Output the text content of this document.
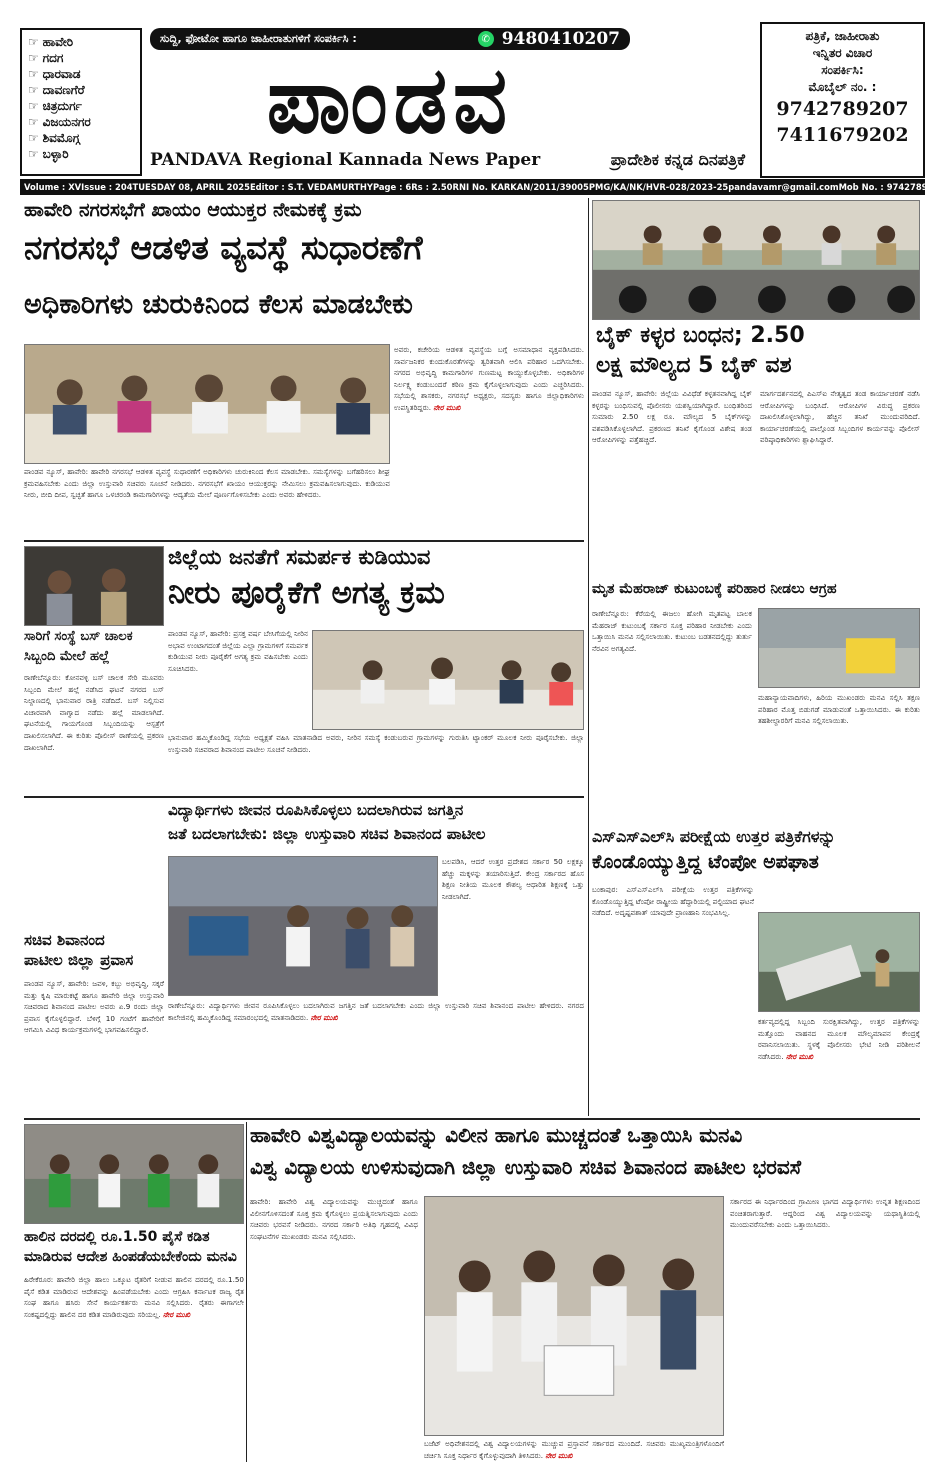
☞ ಹಾವೇರಿ
☞ ಗದಗ
☞ ಧಾರವಾಡ
☞ ದಾವಣಗೆರೆ
☞ ಚಿತ್ರದುರ್ಗ
☞ ವಿಜಯನಗರ
☞ ಶಿವಮೊಗ್ಗ
☞ ಬಳ್ಳಾರಿ
ಸುದ್ದಿ, ಫೋಟೋ ಹಾಗೂ ಜಾಹೀರಾತುಗಳಿಗೆ ಸಂಪರ್ಕಿಸಿ :	✆ 9480410207
ಪಾಂಡವ
PANDAVA Regional Kannada News Paper	ಪ್ರಾದೇಶಿಕ ಕನ್ನಡ ದಿನಪತ್ರಿಕೆ
ಪತ್ರಿಕೆ, ಜಾಹೀರಾತು
ಇನ್ನಿತರ ವಿಚಾರ
ಸಂಪರ್ಕಿಸಿ:
ಮೊಬೈಲ್ ನಂ. :
9742789207
7411679202
Volume : XV Issue : 204 TUESDAY 08, APRIL 2025 Editor : S.T. VEDAMURTHY Page : 6 Rs : 2.50 RNI No. KARKAN/2011/39005 PMG/KA/NK/HVR-028/2023-25 pandavamr@gmail.com Mob No. : 9742789207
ಹಾವೇರಿ ನಗರಸಭೆಗೆ ಖಾಯಂ ಆಯುಕ್ತರ ನೇಮಕಕ್ಕೆ ಕ್ರಮ
ನಗರಸಭೆ ಆಡಳಿತ ವ್ಯವಸ್ಥೆ ಸುಧಾರಣೆಗೆ
ಅಧಿಕಾರಿಗಳು ಚುರುಕಿನಿಂದ ಕೆಲಸ ಮಾಡಬೇಕು
ಪಾಂಡವ ನ್ಯೂಸ್, ಹಾವೇರಿ: ಹಾವೇರಿ ನಗರಸಭೆ ಆಡಳಿತ ವ್ಯವಸ್ಥೆ ಸುಧಾರಣೆಗೆ ಅಧಿಕಾರಿಗಳು ಚುರುಕಿನಿಂದ ಕೆಲಸ ಮಾಡಬೇಕು. ಸಮಸ್ಯೆಗಳನ್ನು ಬಗೆಹರಿಸಲು ಶೀಘ್ರ ಕ್ರಮವಹಿಸಬೇಕು ಎಂದು ಜಿಲ್ಲಾ ಉಸ್ತುವಾರಿ ಸಚಿವರು ಸೂಚನೆ ನೀಡಿದರು. ನಗರಸಭೆಗೆ ಖಾಯಂ ಆಯುಕ್ತರನ್ನು ನೇಮಿಸಲು ಕ್ರಮವಹಿಸಲಾಗುವುದು. ಕುಡಿಯುವ ನೀರು, ಬೀದಿ ದೀಪ, ಸ್ವಚ್ಛತೆ ಹಾಗೂ ಒಳಚರಂಡಿ ಕಾಮಗಾರಿಗಳನ್ನು ಆದ್ಯತೆಯ ಮೇಲೆ ಪೂರ್ಣಗೊಳಿಸಬೇಕು ಎಂದು ಅವರು ಹೇಳಿದರು.
ಅವರು, ಕಚೇರಿಯ ಆಡಳಿತ ವ್ಯವಸ್ಥೆಯ ಬಗ್ಗೆ ಅಸಮಾಧಾನ ವ್ಯಕ್ತಪಡಿಸಿದರು. ಸಾರ್ವಜನಿಕರ ಕುಂದುಕೊರತೆಗಳನ್ನು ತ್ವರಿತವಾಗಿ ಆಲಿಸಿ ಪರಿಹಾರ ಒದಗಿಸಬೇಕು. ನಗರದ ಅಭಿವೃದ್ಧಿ ಕಾಮಗಾರಿಗಳ ಗುಣಮಟ್ಟ ಕಾಯ್ದುಕೊಳ್ಳಬೇಕು. ಅಧಿಕಾರಿಗಳ ನಿರ್ಲಕ್ಷ್ಯ ಕಂಡುಬಂದರೆ ಕಠಿಣ ಕ್ರಮ ಕೈಗೊಳ್ಳಲಾಗುವುದು ಎಂದು ಎಚ್ಚರಿಸಿದರು. ಸಭೆಯಲ್ಲಿ ಶಾಸಕರು, ನಗರಸಭೆ ಅಧ್ಯಕ್ಷರು, ಸದಸ್ಯರು ಹಾಗೂ ಜಿಲ್ಲಾಧಿಕಾರಿಗಳು ಉಪಸ್ಥಿತರಿದ್ದರು. ನೇರ ಮುಖಿ
ಬೈಕ್ ಕಳ್ಳರ ಬಂಧನ; 2.50
ಲಕ್ಷ ಮೌಲ್ಯದ 5 ಬೈಕ್ ವಶ
ಪಾಂಡವ ನ್ಯೂಸ್, ಹಾವೇರಿ: ಜಿಲ್ಲೆಯ ವಿವಿಧೆಡೆ ಕಳ್ಳತನವಾಗಿದ್ದ ಬೈಕ್ ಕಳ್ಳರನ್ನು ಬಂಧಿಸುವಲ್ಲಿ ಪೊಲೀಸರು ಯಶಸ್ವಿಯಾಗಿದ್ದಾರೆ. ಬಂಧಿತರಿಂದ ಸುಮಾರು 2.50 ಲಕ್ಷ ರೂ. ಮೌಲ್ಯದ 5 ಬೈಕ್‌ಗಳನ್ನು ವಶಪಡಿಸಿಕೊಳ್ಳಲಾಗಿದೆ. ಪ್ರಕರಣದ ತನಿಖೆ ಕೈಗೊಂಡ ವಿಶೇಷ ತಂಡ ಆರೋಪಿಗಳನ್ನು ಪತ್ತೆಹಚ್ಚಿದೆ.
ಮಾರ್ಗದರ್ಶನದಲ್ಲಿ ಪಿಎಸ್ಐ ನೇತೃತ್ವದ ತಂಡ ಕಾರ್ಯಾಚರಣೆ ನಡೆಸಿ ಆರೋಪಿಗಳನ್ನು ಬಂಧಿಸಿದೆ. ಆರೋಪಿಗಳ ವಿರುದ್ಧ ಪ್ರಕರಣ ದಾಖಲಿಸಿಕೊಳ್ಳಲಾಗಿದ್ದು, ಹೆಚ್ಚಿನ ತನಿಖೆ ಮುಂದುವರಿದಿದೆ. ಕಾರ್ಯಾಚರಣೆಯಲ್ಲಿ ಪಾಲ್ಗೊಂಡ ಸಿಬ್ಬಂದಿಗಳ ಕಾರ್ಯವನ್ನು ಪೊಲೀಸ್ ವರಿಷ್ಠಾಧಿಕಾರಿಗಳು ಶ್ಲಾಘಿಸಿದ್ದಾರೆ.
ಜಿಲ್ಲೆಯ ಜನತೆಗೆ ಸಮರ್ಪಕ ಕುಡಿಯುವ
ನೀರು ಪೂರೈಕೆಗೆ ಅಗತ್ಯ ಕ್ರಮ
ಪಾಂಡವ ನ್ಯೂಸ್, ಹಾವೇರಿ: ಪ್ರಸಕ್ತ ವರ್ಷ ಬೇಸಿಗೆಯಲ್ಲಿ ನೀರಿನ ಅಭಾವ ಉಂಟಾಗದಂತೆ ಜಿಲ್ಲೆಯ ಎಲ್ಲಾ ಗ್ರಾಮಗಳಿಗೆ ಸಮರ್ಪಕ ಕುಡಿಯುವ ನೀರು ಪೂರೈಕೆಗೆ ಅಗತ್ಯ ಕ್ರಮ ವಹಿಸಬೇಕು ಎಂದು ಸೂಚಿಸಿದರು.
ಭಾನುವಾರ ಹಮ್ಮಿಕೊಂಡಿದ್ದ ಸಭೆಯ ಅಧ್ಯಕ್ಷತೆ ವಹಿಸಿ ಮಾತನಾಡಿದ ಅವರು, ನೀರಿನ ಸಮಸ್ಯೆ ಕಂಡುಬರುವ ಗ್ರಾಮಗಳನ್ನು ಗುರುತಿಸಿ ಟ್ಯಾಂಕರ್ ಮೂಲಕ ನೀರು ಪೂರೈಸಬೇಕು. ಜಿಲ್ಲಾ ಉಸ್ತುವಾರಿ ಸಚಿವರಾದ ಶಿವಾನಂದ ಪಾಟೀಲ ಸೂಚನೆ ನೀಡಿದರು.
ಸಾರಿಗೆ ಸಂಸ್ಥೆ ಬಸ್ ಚಾಲಕ
ಸಿಬ್ಬಂದಿ ಮೇಲೆ ಹಲ್ಲೆ
ರಾಣೇಬೆನ್ನೂರು: ಕೋನವಳ್ಳಿ ಬಸ್ ಚಾಲಕ ಸೇರಿ ಮೂವರು ಸಿಬ್ಬಂದಿ ಮೇಲೆ ಹಲ್ಲೆ ನಡೆಸಿದ ಘಟನೆ ನಗರದ ಬಸ್ ನಿಲ್ದಾಣದಲ್ಲಿ ಭಾನುವಾರ ರಾತ್ರಿ ನಡೆದಿದೆ. ಬಸ್ ನಿಲ್ಲಿಸುವ ವಿಚಾರವಾಗಿ ವಾಗ್ವಾದ ನಡೆದು ಹಲ್ಲೆ ಮಾಡಲಾಗಿದೆ. ಘಟನೆಯಲ್ಲಿ ಗಾಯಗೊಂಡ ಸಿಬ್ಬಂದಿಯನ್ನು ಆಸ್ಪತ್ರೆಗೆ ದಾಖಲಿಸಲಾಗಿದೆ. ಈ ಕುರಿತು ಪೊಲೀಸ್ ಠಾಣೆಯಲ್ಲಿ ಪ್ರಕರಣ ದಾಖಲಾಗಿದೆ.
ಮೃತ ಮೆಹರಾಜ್ ಕುಟುಂಬಕ್ಕೆ ಪರಿಹಾರ ನೀಡಲು ಆಗ್ರಹ
ರಾಣೇಬೆನ್ನೂರು: ಕೆರೆಯಲ್ಲಿ ಈಜಲು ಹೋಗಿ ಮೃತಪಟ್ಟ ಬಾಲಕ ಮೆಹರಾಜ್ ಕುಟುಂಬಕ್ಕೆ ಸರ್ಕಾರ ಸೂಕ್ತ ಪರಿಹಾರ ನೀಡಬೇಕು ಎಂದು ಒತ್ತಾಯಿಸಿ ಮನವಿ ಸಲ್ಲಿಸಲಾಯಿತು. ಕುಟುಂಬ ಬಡತನದಲ್ಲಿದ್ದು ತುರ್ತು ನೆರವಿನ ಅಗತ್ಯವಿದೆ.
ಮಹಾನ್ಯಾಯವಾದಿಗಳು, ಹಿರಿಯ ಮುಖಂಡರು ಮನವಿ ಸಲ್ಲಿಸಿ ತಕ್ಷಣ ಪರಿಹಾರ ಮೊತ್ತ ಬಿಡುಗಡೆ ಮಾಡುವಂತೆ ಒತ್ತಾಯಿಸಿದರು. ಈ ಕುರಿತು ತಹಶೀಲ್ದಾರರಿಗೆ ಮನವಿ ಸಲ್ಲಿಸಲಾಯಿತು.
ವಿದ್ಯಾರ್ಥಿಗಳು ಜೀವನ ರೂಪಿಸಿಕೊಳ್ಳಲು ಬದಲಾಗಿರುವ ಜಗತ್ತಿನ
ಜತೆ ಬದಲಾಗಬೇಕು: ಜಿಲ್ಲಾ ಉಸ್ತುವಾರಿ ಸಚಿವ ಶಿವಾನಂದ ಪಾಟೀಲ
ಬಲಪಡಿಸಿ, ಆದರೆ ಉತ್ತರ ಪ್ರದೇಶದ ಸರ್ಕಾರ 50 ಲಕ್ಷಕ್ಕೂ ಹೆಚ್ಚು ಮಕ್ಕಳನ್ನು ತಯಾರಿಸುತ್ತಿದೆ. ಕೇಂದ್ರ ಸರ್ಕಾರದ ಹೊಸ ಶಿಕ್ಷಣ ನೀತಿಯ ಮೂಲಕ ಕೌಶಲ್ಯ ಆಧಾರಿತ ಶಿಕ್ಷಣಕ್ಕೆ ಒತ್ತು ನೀಡಲಾಗಿದೆ.
ರಾಣೇಬೆನ್ನೂರು: ವಿದ್ಯಾರ್ಥಿಗಳು ಜೀವನ ರೂಪಿಸಿಕೊಳ್ಳಲು ಬದಲಾಗಿರುವ ಜಗತ್ತಿನ ಜತೆ ಬದಲಾಗಬೇಕು ಎಂದು ಜಿಲ್ಲಾ ಉಸ್ತುವಾರಿ ಸಚಿವ ಶಿವಾನಂದ ಪಾಟೀಲ ಹೇಳಿದರು. ನಗರದ ಕಾಲೇಜಿನಲ್ಲಿ ಹಮ್ಮಿಕೊಂಡಿದ್ದ ಸಮಾರಂಭದಲ್ಲಿ ಮಾತನಾಡಿದರು. ನೇರ ಮುಖಿ
ಸಚಿವ ಶಿವಾನಂದ
ಪಾಟೀಲ ಜಿಲ್ಲಾ ಪ್ರವಾಸ
ಪಾಂಡವ ನ್ಯೂಸ್, ಹಾವೇರಿ: ಜವಳಿ, ಕಬ್ಬು ಅಭಿವೃದ್ಧಿ, ಸಕ್ಕರೆ ಮತ್ತು ಕೃಷಿ ಮಾರುಕಟ್ಟೆ ಹಾಗೂ ಹಾವೇರಿ ಜಿಲ್ಲಾ ಉಸ್ತುವಾರಿ ಸಚಿವರಾದ ಶಿವಾನಂದ ಪಾಟೀಲ ಅವರು ಏ.9 ರಂದು ಜಿಲ್ಲಾ ಪ್ರವಾಸ ಕೈಗೊಳ್ಳಲಿದ್ದಾರೆ. ಬೆಳಿಗ್ಗೆ 10 ಗಂಟೆಗೆ ಹಾವೇರಿಗೆ ಆಗಮಿಸಿ ವಿವಿಧ ಕಾರ್ಯಕ್ರಮಗಳಲ್ಲಿ ಭಾಗವಹಿಸಲಿದ್ದಾರೆ.
ಎಸ್‌ಎಸ್‌ಎಲ್‌ಸಿ ಪರೀಕ್ಷೆಯ ಉತ್ತರ ಪತ್ರಿಕೆಗಳನ್ನು
ಕೊಂಡೊಯ್ಯುತ್ತಿದ್ದ ಟೆಂಪೋ ಅಪಘಾತ
ಬಂಕಾಪುರ: ಎಸ್‌ಎಸ್‌ಎಲ್‌ಸಿ ಪರೀಕ್ಷೆಯ ಉತ್ತರ ಪತ್ರಿಕೆಗಳನ್ನು ಕೊಂಡೊಯ್ಯುತ್ತಿದ್ದ ಟೆಂಪೋ ರಾಷ್ಟ್ರೀಯ ಹೆದ್ದಾರಿಯಲ್ಲಿ ಪಲ್ಟಿಯಾದ ಘಟನೆ ನಡೆದಿದೆ. ಅದೃಷ್ಟವಶಾತ್ ಯಾವುದೇ ಪ್ರಾಣಹಾನಿ ಸಂಭವಿಸಿಲ್ಲ.
ಕರ್ತವ್ಯದಲ್ಲಿದ್ದ ಸಿಬ್ಬಂದಿ ಸುರಕ್ಷಿತವಾಗಿದ್ದು, ಉತ್ತರ ಪತ್ರಿಕೆಗಳನ್ನು ಮತ್ತೊಂದು ವಾಹನದ ಮೂಲಕ ಮೌಲ್ಯಮಾಪನ ಕೇಂದ್ರಕ್ಕೆ ರವಾನಿಸಲಾಯಿತು. ಸ್ಥಳಕ್ಕೆ ಪೊಲೀಸರು ಭೇಟಿ ನೀಡಿ ಪರಿಶೀಲನೆ ನಡೆಸಿದರು. ನೇರ ಮುಖಿ
ಹಾವೇರಿ ವಿಶ್ವವಿದ್ಯಾಲಯವನ್ನು ವಿಲೀನ ಹಾಗೂ ಮುಚ್ಚದಂತೆ ಒತ್ತಾಯಿಸಿ ಮನವಿ
ವಿಶ್ವ ವಿದ್ಯಾಲಯ ಉಳಿಸುವುದಾಗಿ ಜಿಲ್ಲಾ ಉಸ್ತುವಾರಿ ಸಚಿವ ಶಿವಾನಂದ ಪಾಟೀಲ ಭರವಸೆ
ಹಾವೇರಿ: ಹಾವೇರಿ ವಿಶ್ವ ವಿದ್ಯಾಲಯವನ್ನು ಮುಚ್ಚದಂತೆ ಹಾಗೂ ವಿಲೀನಗೊಳಿಸದಂತೆ ಸೂಕ್ತ ಕ್ರಮ ಕೈಗೊಳ್ಳಲು ಪ್ರಯತ್ನಿಸಲಾಗುವುದು ಎಂದು ಸಚಿವರು ಭರವಸೆ ನೀಡಿದರು. ನಗರದ ಸರ್ಕಾರಿ ಅತಿಥಿ ಗೃಹದಲ್ಲಿ ವಿವಿಧ ಸಂಘಟನೆಗಳ ಮುಖಂಡರು ಮನವಿ ಸಲ್ಲಿಸಿದರು.
ಸರ್ಕಾರದ ಈ ನಿರ್ಧಾರದಿಂದ ಗ್ರಾಮೀಣ ಭಾಗದ ವಿದ್ಯಾರ್ಥಿಗಳು ಉನ್ನತ ಶಿಕ್ಷಣದಿಂದ ವಂಚಿತರಾಗುತ್ತಾರೆ. ಆದ್ದರಿಂದ ವಿಶ್ವ ವಿದ್ಯಾಲಯವನ್ನು ಯಥಾಸ್ಥಿತಿಯಲ್ಲಿ ಮುಂದುವರೆಸಬೇಕು ಎಂದು ಒತ್ತಾಯಿಸಿದರು.
ಬಜೆಟ್ ಅಧಿವೇಶನದಲ್ಲಿ ವಿಶ್ವ ವಿದ್ಯಾಲಯಗಳನ್ನು ಮುಚ್ಚುವ ಪ್ರಸ್ತಾವನೆ ಸರ್ಕಾರದ ಮುಂದಿದೆ. ಸಚಿವರು ಮುಖ್ಯಮಂತ್ರಿಗಳೊಂದಿಗೆ ಚರ್ಚಿಸಿ ಸೂಕ್ತ ನಿರ್ಧಾರ ಕೈಗೊಳ್ಳುವುದಾಗಿ ತಿಳಿಸಿದರು. ನೇರ ಮುಖಿ
ಹಾಲಿನ ದರದಲ್ಲಿ ರೂ.1.50 ಪೈಸೆ ಕಡಿತ
ಮಾಡಿರುವ ಆದೇಶ ಹಿಂಪಡೆಯಬೇಕೆಂದು ಮನವಿ
ಹಿರೇಕೆರೂರ: ಹಾವೇರಿ ಜಿಲ್ಲಾ ಹಾಲು ಒಕ್ಕೂಟ ರೈತರಿಗೆ ನೀಡುವ ಹಾಲಿನ ದರದಲ್ಲಿ ರೂ.1.50 ಪೈಸೆ ಕಡಿತ ಮಾಡಿರುವ ಆದೇಶವನ್ನು ಹಿಂಪಡೆಯಬೇಕು ಎಂದು ಆಗ್ರಹಿಸಿ ಕರ್ನಾಟಕ ರಾಜ್ಯ ರೈತ ಸಂಘ ಹಾಗೂ ಹಸಿರು ಸೇನೆ ಕಾರ್ಯಕರ್ತರು ಮನವಿ ಸಲ್ಲಿಸಿದರು. ರೈತರು ಈಗಾಗಲೇ ಸಂಕಷ್ಟದಲ್ಲಿದ್ದು ಹಾಲಿನ ದರ ಕಡಿತ ಮಾಡಿರುವುದು ಸರಿಯಲ್ಲ. ನೇರ ಮುಖಿ
